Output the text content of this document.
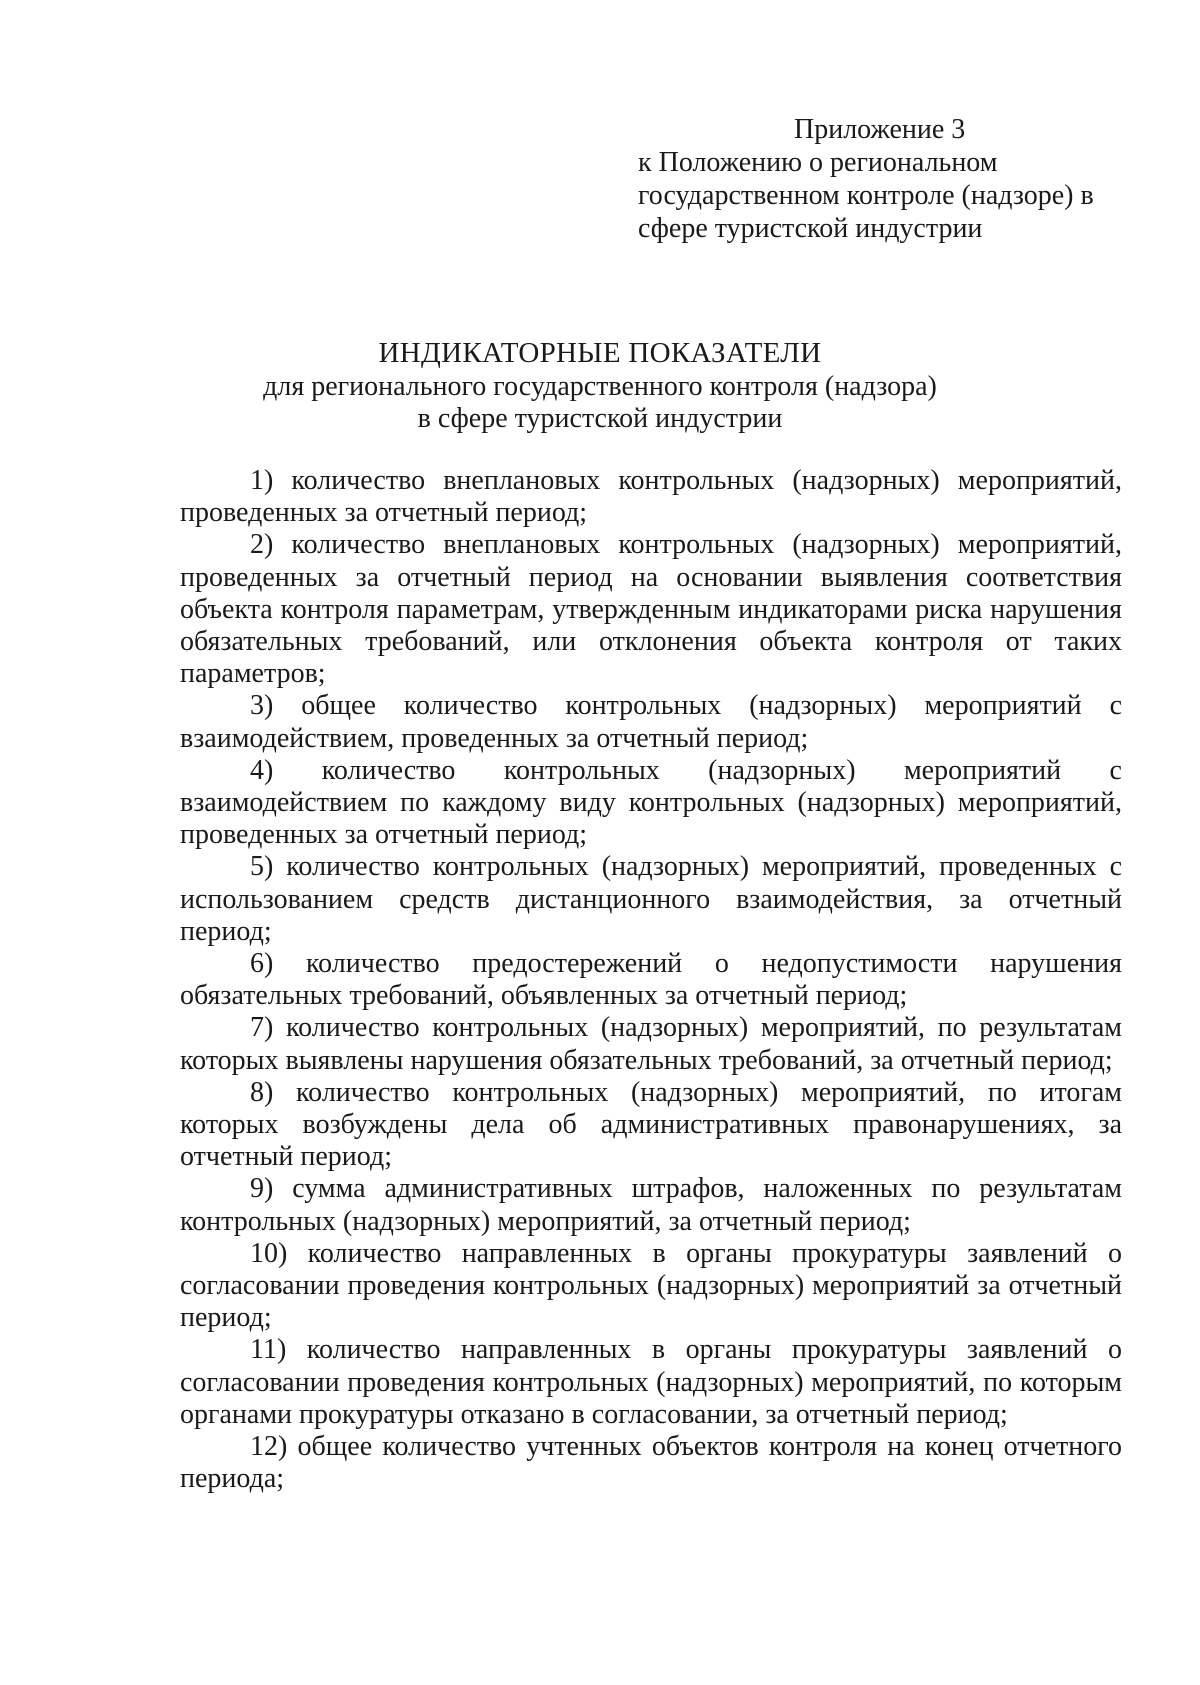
Приложение 3
к Положению о региональном государственном контроле (надзоре) в сфере туристской индустрии
ИНДИКАТОРНЫЕ ПОКАЗАТЕЛИ
для регионального государственного контроля (надзора)
в сфере туристской индустрии
1) количество внеплановых контрольных (надзорных) мероприятий, проведенных за отчетный период;
2) количество внеплановых контрольных (надзорных) мероприятий, проведенных за отчетный период на основании выявления соответствия объекта контроля параметрам, утвержденным индикаторами риска нарушения обязательных требований, или отклонения объекта контроля от таких параметров;
3) общее количество контрольных (надзорных) мероприятий с взаимодействием, проведенных за отчетный период;
4) количество контрольных (надзорных) мероприятий с взаимодействием по каждому виду контрольных (надзорных) мероприятий, проведенных за отчетный период;
5) количество контрольных (надзорных) мероприятий, проведенных с использованием средств дистанционного взаимодействия, за отчетный период;
6) количество предостережений о недопустимости нарушения обязательных требований, объявленных за отчетный период;
7) количество контрольных (надзорных) мероприятий, по результатам которых выявлены нарушения обязательных требований, за отчетный период;
8) количество контрольных (надзорных) мероприятий, по итогам которых возбуждены дела об административных правонарушениях, за отчетный период;
9) сумма административных штрафов, наложенных по результатам контрольных (надзорных) мероприятий, за отчетный период;
10) количество направленных в органы прокуратуры заявлений о согласовании проведения контрольных (надзорных) мероприятий за отчетный период;
11) количество направленных в органы прокуратуры заявлений о согласовании проведения контрольных (надзорных) мероприятий, по которым органами прокуратуры отказано в согласовании, за отчетный период;
12) общее количество учтенных объектов контроля на конец отчетного периода;
